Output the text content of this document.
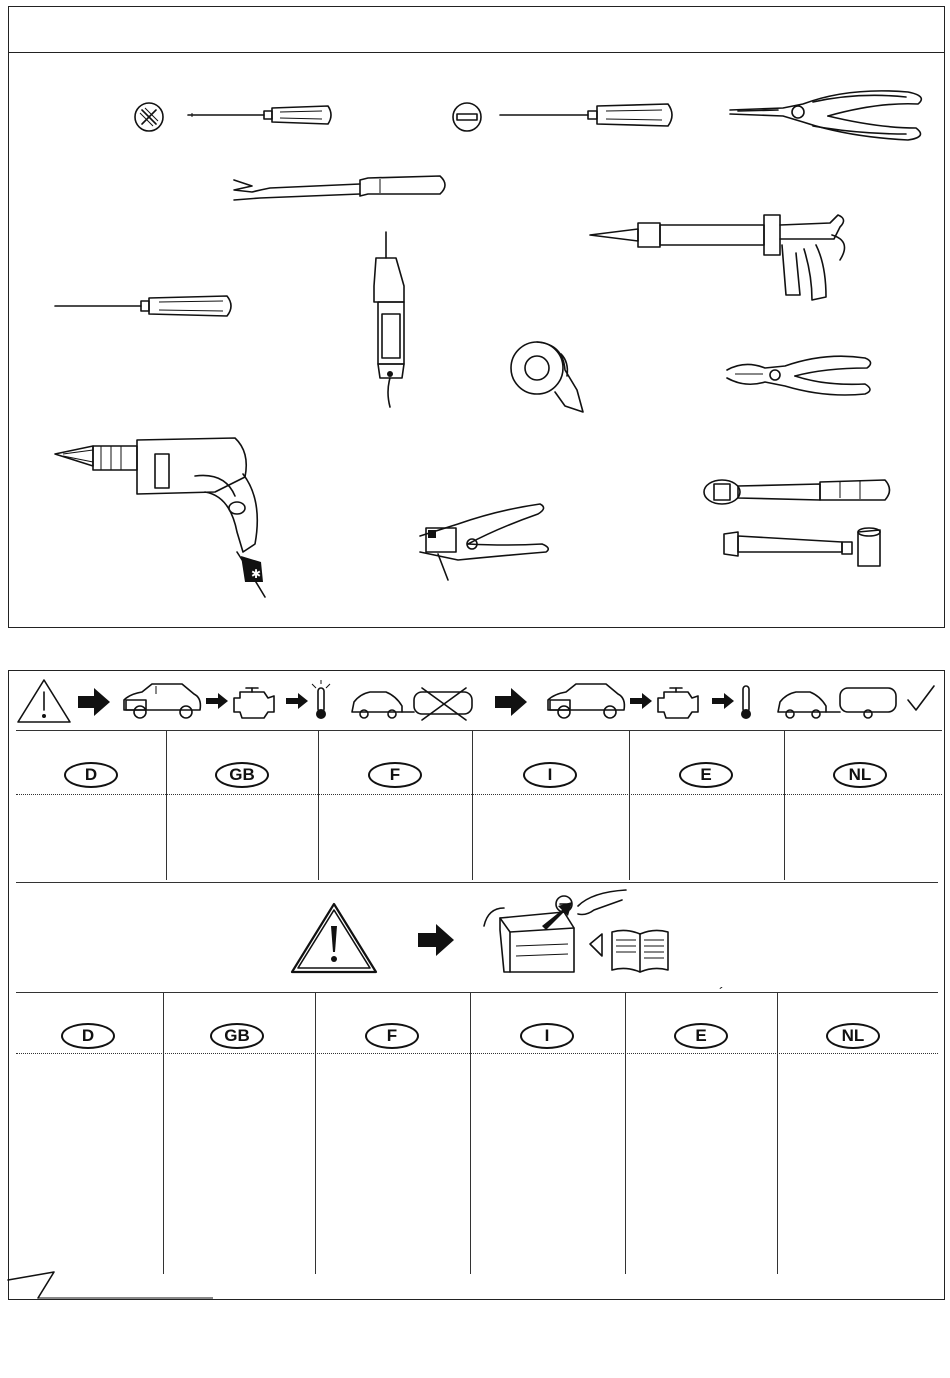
✱
D	GB	F	I	E	NL
´
D	GB	F	I	E	NL
